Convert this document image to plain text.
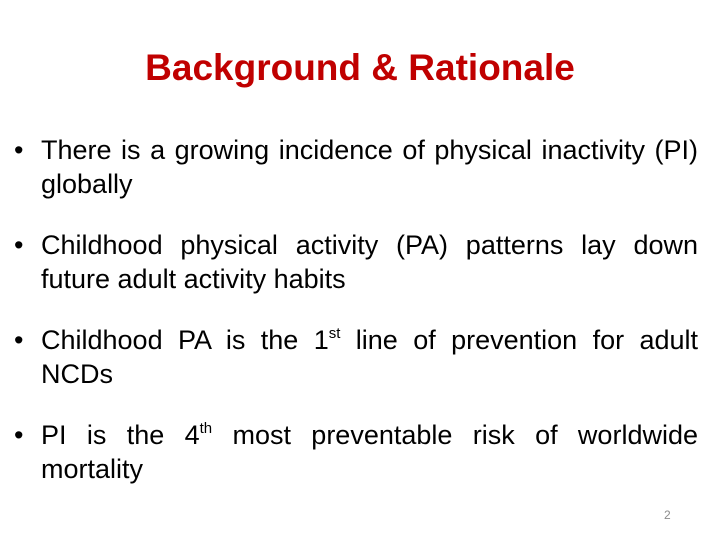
Background & Rationale
• There is a growing incidence of physical inactivity (PI) globally
• Childhood physical activity (PA) patterns lay down future adult activity habits
• Childhood PA is the 1st line of prevention for adult NCDs
• PI is the 4th most preventable risk of worldwide mortality
2
